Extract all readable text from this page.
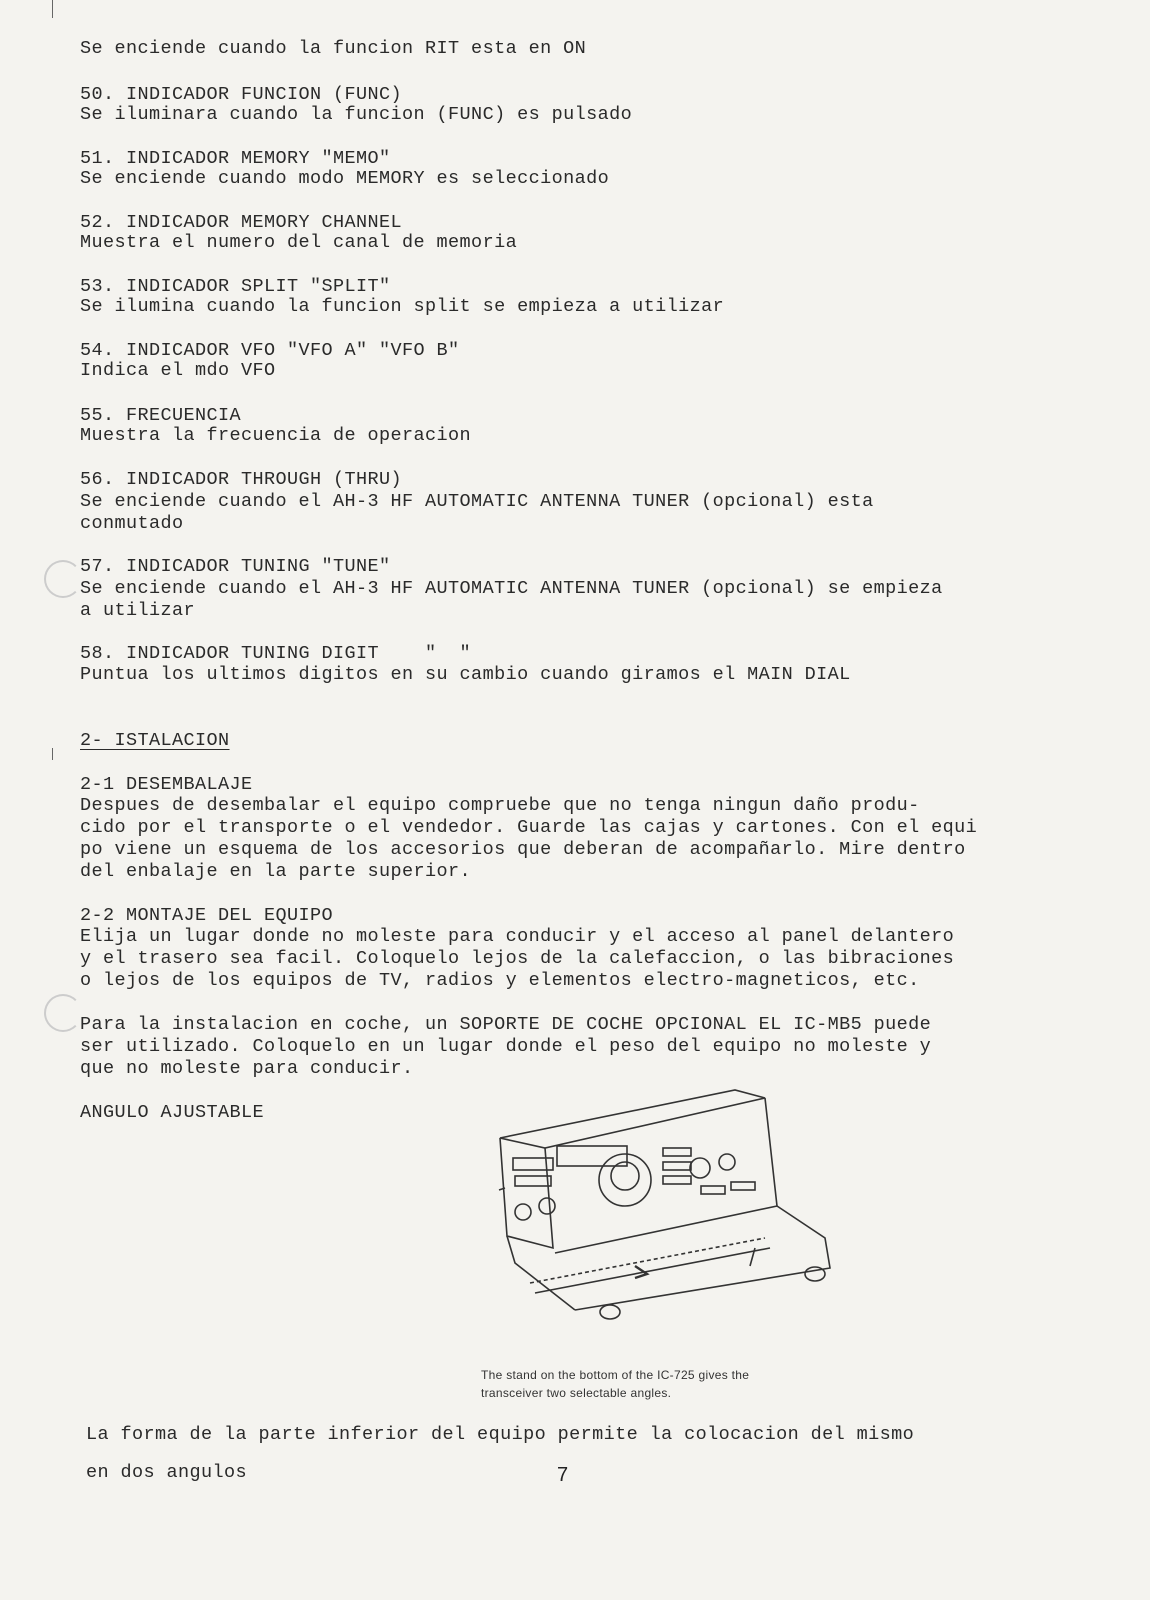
Se enciende cuando la funcion RIT esta en ON
50. INDICADOR FUNCION (FUNC)
Se iluminara cuando la funcion (FUNC) es pulsado
51. INDICADOR MEMORY "MEMO"
Se enciende cuando modo MEMORY es seleccionado
52. INDICADOR MEMORY CHANNEL
Muestra el numero del canal de memoria
53. INDICADOR SPLIT "SPLIT"
Se ilumina cuando la funcion split se empieza a utilizar
54. INDICADOR VFO "VFO A" "VFO B"
Indica el mdo VFO
55. FRECUENCIA
Muestra la frecuencia de operacion
56. INDICADOR THROUGH (THRU)
Se enciende cuando el AH-3 HF AUTOMATIC ANTENNA TUNER (opcional) esta
conmutado
57. INDICADOR TUNING "TUNE"
Se enciende cuando el AH-3 HF AUTOMATIC ANTENNA TUNER (opcional) se empieza
a utilizar
58. INDICADOR TUNING DIGIT    "  "
Puntua los ultimos digitos en su cambio cuando giramos el MAIN DIAL
2- ISTALACION
2-1 DESEMBALAJE
Despues de desembalar el equipo compruebe que no tenga ningun daño produ-
cido por el transporte o el vendedor. Guarde las cajas y cartones. Con el equi
po viene un esquema de los accesorios que deberan de acompañarlo. Mire dentro
del enbalaje en la parte superior.
2-2 MONTAJE DEL EQUIPO
Elija un lugar donde no moleste para conducir y el acceso al panel delantero
y el trasero sea facil. Coloquelo lejos de la calefaccion, o las bibraciones
o lejos de los equipos de TV, radios y elementos electro-magneticos, etc.
Para la instalacion en coche, un SOPORTE DE COCHE OPCIONAL EL IC-MB5 puede
ser utilizado. Coloquelo en un lugar donde el peso del equipo no moleste y
que no moleste para conducir.
ANGULO AJUSTABLE
The stand on the bottom of the IC-725 gives the
transceiver two selectable angles.
La forma de la parte inferior del equipo permite la colocacion del mismo
en dos angulos	7
